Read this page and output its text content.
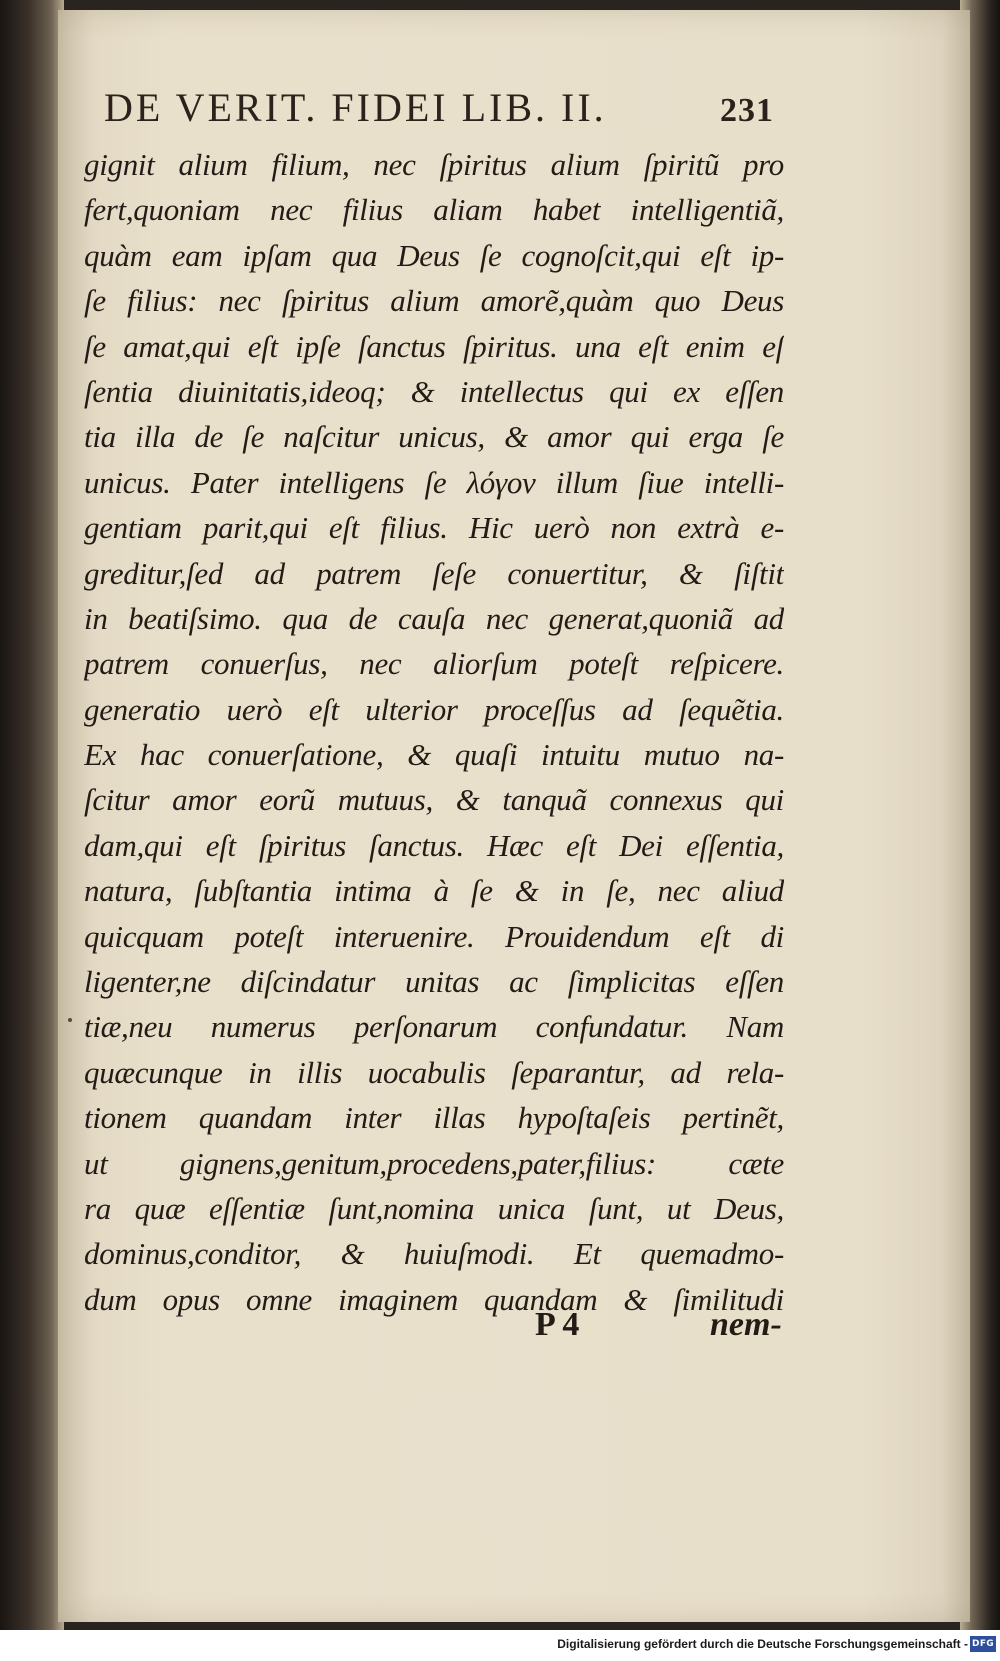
DE VERIT. FIDEI LIB. II.	231
gignit alium filium, nec ſpiritus alium ſpiritũ pro
fert,quoniam nec filius aliam habet intelligentiã,
quàm eam ipſam qua Deus ſe cognoſcit,qui eſt ip-
ſe filius: nec ſpiritus alium amorẽ,quàm quo Deus
ſe amat,qui eſt ipſe ſanctus ſpiritus. una eſt enim eſ
ſentia diuinitatis,ideoq; & intellectus qui ex eſſen
tia illa de ſe naſcitur unicus, & amor qui erga ſe
unicus. Pater intelligens ſe λόγον illum ſiue intelli-
gentiam parit,qui eſt filius. Hic uerò non extrà e-
greditur,ſed ad patrem ſeſe conuertitur, & ſiſtit
in beatiſsimo. qua de cauſa nec generat,quoniã ad
patrem conuerſus, nec aliorſum poteſt reſpicere.
generatio uerò eſt ulterior proceſſus ad ſequẽtia.
Ex hac conuerſatione, & quaſi intuitu mutuo na-
ſcitur amor eorũ mutuus, & tanquã connexus qui
dam,qui eſt ſpiritus ſanctus. Hæc eſt Dei eſſentia,
natura, ſubſtantia intima à ſe & in ſe, nec aliud
quicquam poteſt interuenire. Prouidendum eſt di
ligenter,ne diſcindatur unitas ac ſimplicitas eſſen
tiæ,neu numerus perſonarum confundatur. Nam
quæcunque in illis uocabulis ſeparantur, ad rela-
tionem quandam inter illas hypoſtaſeis pertinẽt,
ut gignens,genitum,procedens,pater,filius: cæte
ra quæ eſſentiæ ſunt,nomina unica ſunt, ut Deus,
dominus,conditor, & huiuſmodi. Et quemadmo-
dum opus omne imaginem quandam & ſimilitudi
P 4	nem-
Digitalisierung gefördert durch die Deutsche Forschungsgemeinschaft - DFG
